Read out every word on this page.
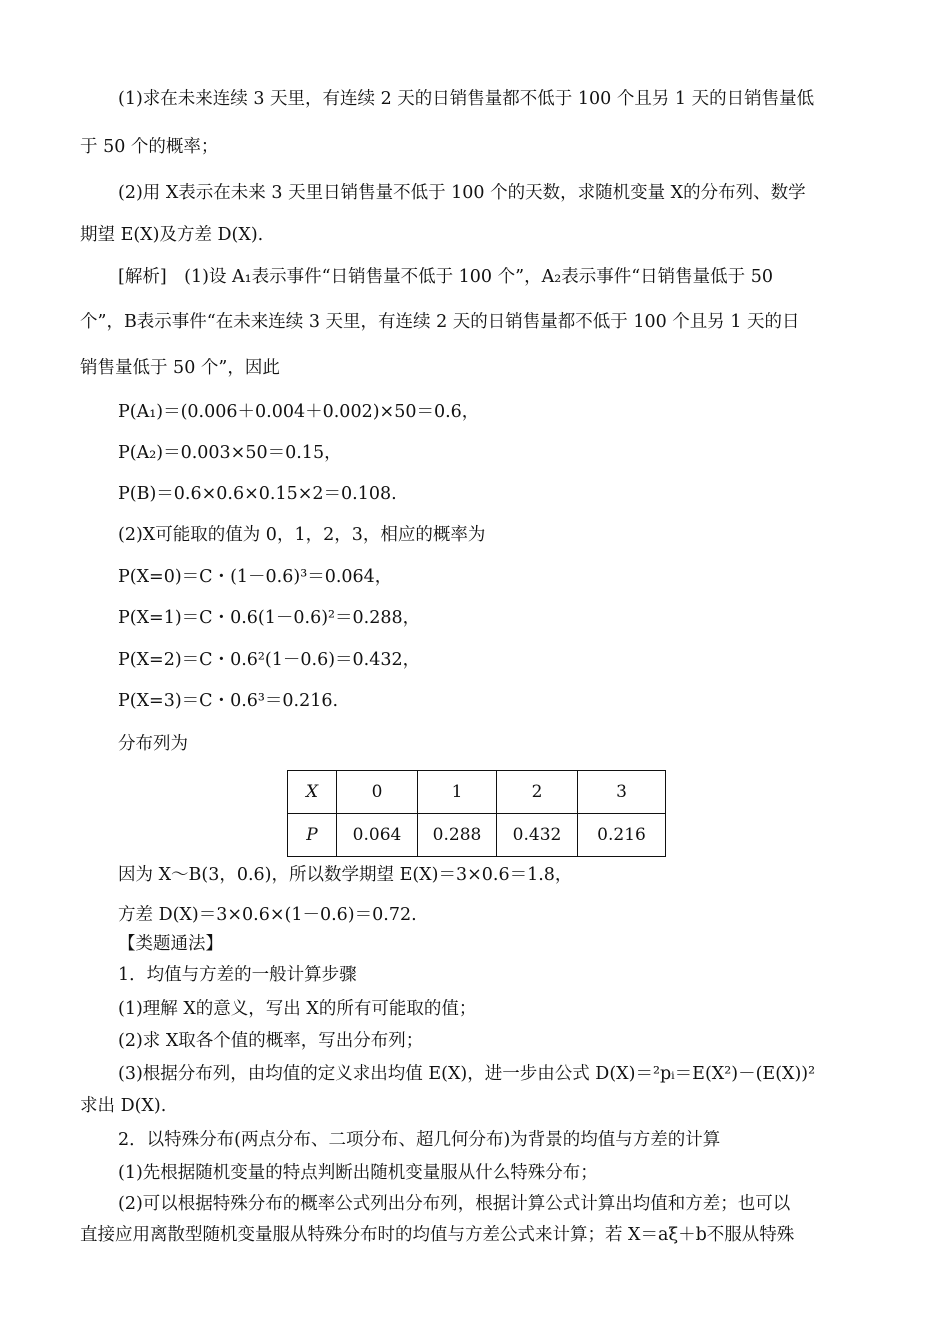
(1)求在未来连续 3 天里，有连续 2 天的日销售量都不低于 100 个且另 1 天的日销售量低
于 50 个的概率；
(2)用 X表示在未来 3 天里日销售量不低于 100 个的天数，求随机变量 X的分布列、数学
期望 E(X)及方差 D(X).
[解析]　(1)设 A₁表示事件“日销售量不低于 100 个”，A₂表示事件“日销售量低于 50
个”，B表示事件“在未来连续 3 天里，有连续 2 天的日销售量都不低于 100 个且另 1 天的日
销售量低于 50 个”，因此
P(A₁)＝(0.006＋0.004＋0.002)×50＝0.6，
P(A₂)＝0.003×50＝0.15，
P(B)＝0.6×0.6×0.15×2＝0.108.
(2)X可能取的值为 0，1，2，3，相应的概率为
P(X=0)＝C・(1－0.6)³＝0.064，
P(X=1)＝C・0.6(1－0.6)²＝0.288，
P(X=2)＝C・0.6²(1－0.6)＝0.432，
P(X=3)＝C・0.6³＝0.216.
分布列为
X	0	1	2	3
P	0.064	0.288	0.432	0.216
因为 X～B(3，0.6)，所以数学期望 E(X)＝3×0.6＝1.8，
方差 D(X)＝3×0.6×(1－0.6)＝0.72.
【类题通法】
1．均值与方差的一般计算步骤
(1)理解 X的意义，写出 X的所有可能取的值；
(2)求 X取各个值的概率，写出分布列；
(3)根据分布列，由均值的定义求出均值 E(X)，进一步由公式 D(X)＝²pᵢ＝E(X²)－(E(X))²
求出 D(X).
2．以特殊分布(两点分布、二项分布、超几何分布)为背景的均值与方差的计算
(1)先根据随机变量的特点判断出随机变量服从什么特殊分布；
(2)可以根据特殊分布的概率公式列出分布列，根据计算公式计算出均值和方差；也可以
直接应用离散型随机变量服从特殊分布时的均值与方差公式来计算；若 X＝aξ＋b不服从特殊
